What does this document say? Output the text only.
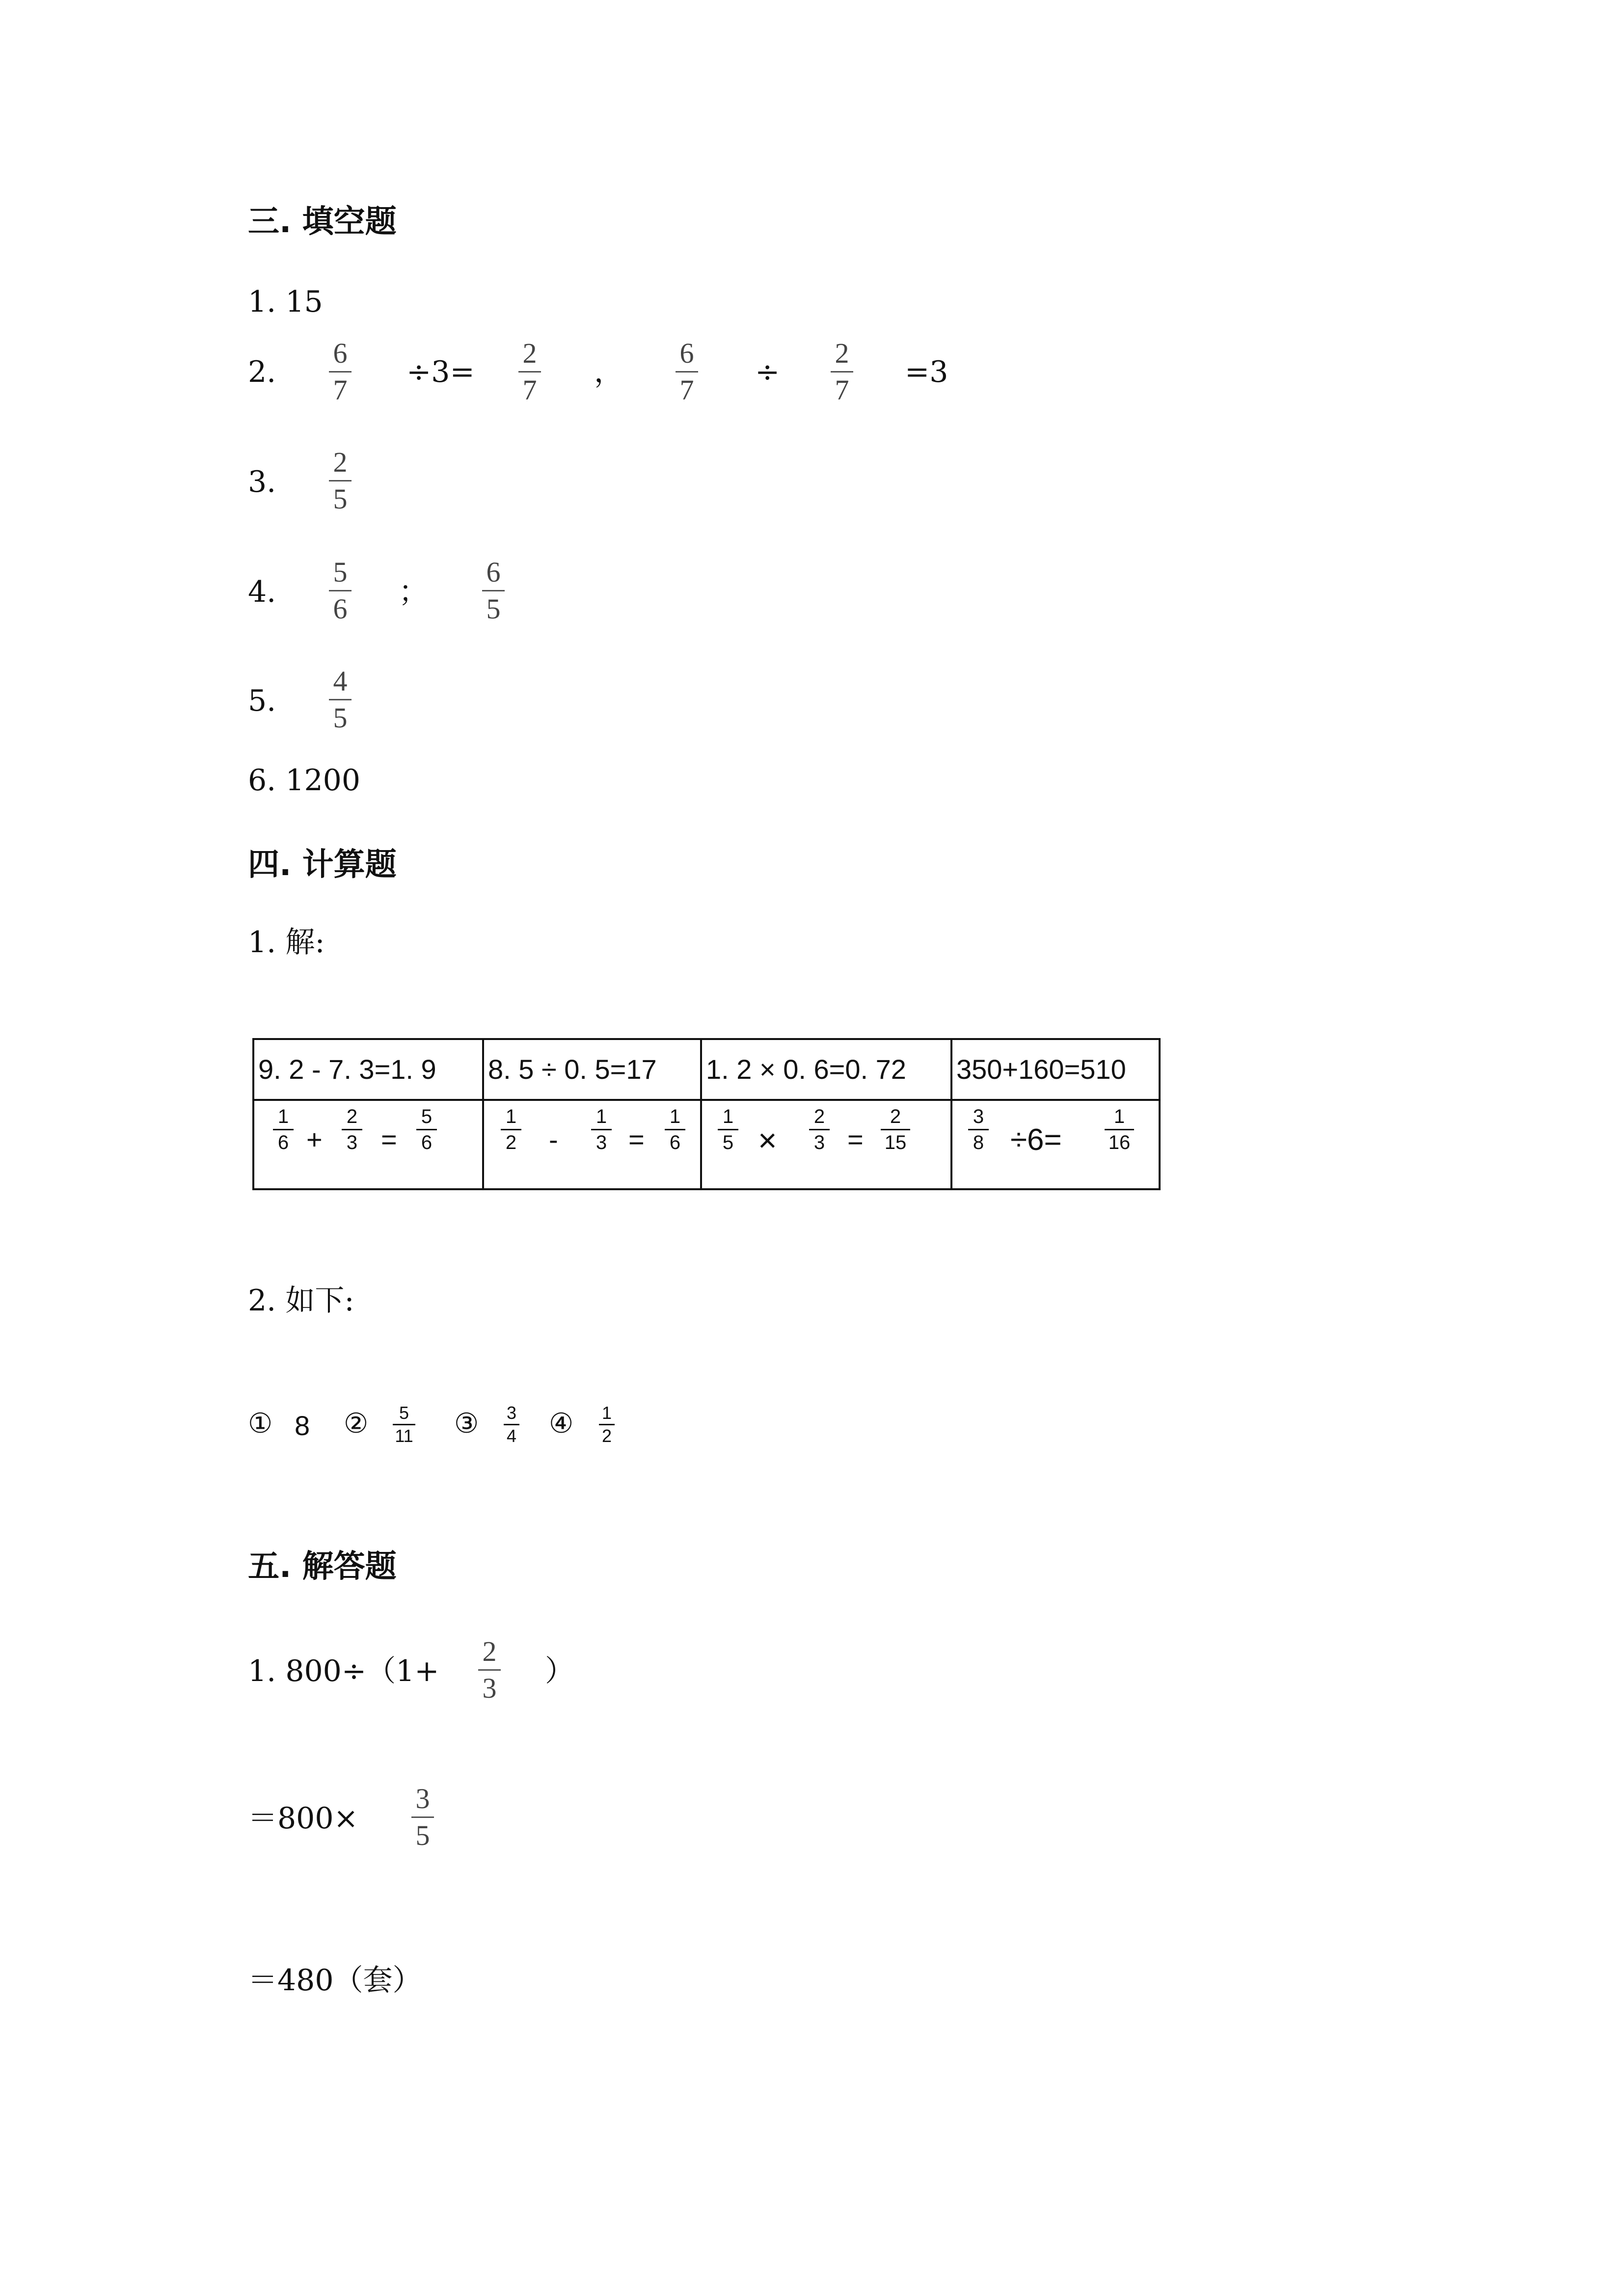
三. 填空题
1. 15
2.
6
7
÷3=
2
7
，
6
7
÷
2
7
=3
3.
2
5
4.
5
6 ；
6
5
5.
4
5
6. 1200
四. 计算题
1. 解:
9. 2 - 7. 3=1. 9 8. 5 ÷ 0. 5=17 1. 2 × 0. 6=0. 72 350+160=510
1
6 +
2
3 =
5
6
1
2 -
1
3 =
1
6
1
5 ×
2
3 =
2
15
3
8 ÷6=
1
16
2. 如下:
① 8 ② 5
11 ③ 3
4 ④ 1
2
五. 解答题
1. 800÷（1+
2
3 ）
＝800×
3
5
＝480（套）
